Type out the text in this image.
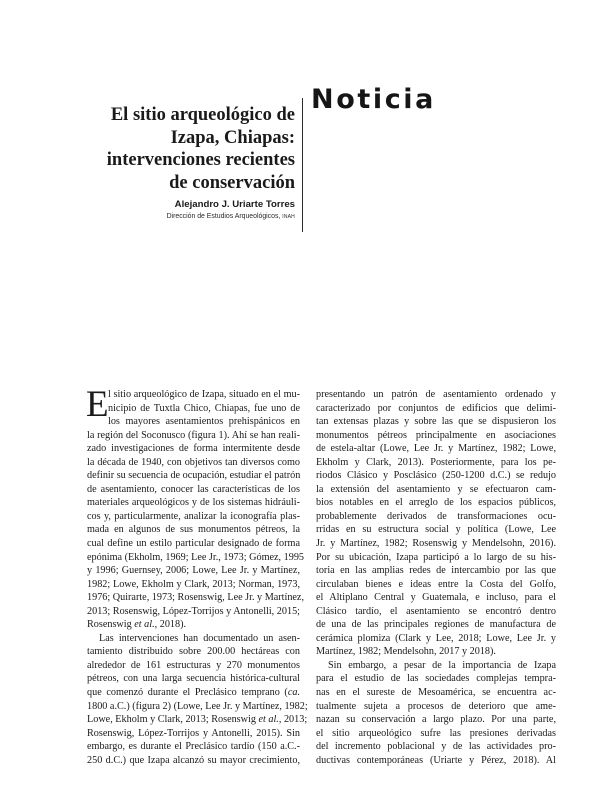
Noticia
El sitio arqueológico de
Izapa, Chiapas:
intervenciones recientes
de conservación

Alejandro J. Uriarte Torres

Dirección de Estudios Arqueológicos, INAH

E l sitio arqueológico de Izapa, situado en el mu-
nicipio de Tuxtla Chico, Chiapas, fue uno de
los mayores asentamientos prehispánicos en
la región del Soconusco (figura 1). Ahí se han reali-
zado investigaciones de forma intermitente desde
la década de 1940, con objetivos tan diversos como
definir su secuencia de ocupación, estudiar el patrón
de asentamiento, conocer las características de los
materiales arqueológicos y de los sistemas hidráuli-
cos y, particularmente, analizar la iconografía plas-
mada en algunos de sus monumentos pétreos, la
cual define un estilo particular designado de forma
epónima (Ekholm, 1969; Lee Jr., 1973; Gómez, 1995
y 1996; Guernsey, 2006; Lowe, Lee Jr. y Martínez,
1982; Lowe, Ekholm y Clark, 2013; Norman, 1973,
1976; Quirarte, 1973; Rosenswig, Lee Jr. y Martínez,
2013; Rosenswig, López-Torrijos y Antonelli, 2015;
Rosenswig et al., 2018).
Las intervenciones han documentado un asen-
tamiento distribuido sobre 200.00 hectáreas con
alrededor de 161 estructuras y 270 monumentos
pétreos, con una larga secuencia histórica-cultural
que comenzó durante el Preclásico temprano (ca.
1800 a.C.) (figura 2) (Lowe, Lee Jr. y Martínez, 1982;
Lowe, Ekholm y Clark, 2013; Rosenswig et al., 2013;
Rosenswig, López-Torrijos y Antonelli, 2015). Sin
embargo, es durante el Preclásico tardío (150 a.C.-
250 d.C.) que Izapa alcanzó su mayor crecimiento,
presentando un patrón de asentamiento ordenado y
caracterizado por conjuntos de edificios que delimi-
tan extensas plazas y sobre las que se dispusieron los
monumentos pétreos principalmente en asociaciones
de estela-altar (Lowe, Lee Jr. y Martínez, 1982; Lowe,
Ekholm y Clark, 2013). Posteriormente, para los pe-
riodos Clásico y Posclásico (250-1200 d.C.) se redujo
la extensión del asentamiento y se efectuaron cam-
bios notables en el arreglo de los espacios públicos,
probablemente derivados de transformaciones ocu-
rridas en su estructura social y política (Lowe, Lee
Jr. y Martínez, 1982; Rosenswig y Mendelsohn, 2016).
Por su ubicación, Izapa participó a lo largo de su his-
toria en las amplias redes de intercambio por las que
circulaban bienes e ideas entre la Costa del Golfo,
el Altiplano Central y Guatemala, e incluso, para el
Clásico tardío, el asentamiento se encontró dentro
de una de las principales regiones de manufactura de
cerámica plomiza (Clark y Lee, 2018; Lowe, Lee Jr. y
Martínez, 1982; Mendelsohn, 2017 y 2018).
Sin embargo, a pesar de la importancia de Izapa
para el estudio de las sociedades complejas tempra-
nas en el sureste de Mesoamérica, se encuentra ac-
tualmente sujeta a procesos de deterioro que ame-
nazan su conservación a largo plazo. Por una parte,
el sitio arqueológico sufre las presiones derivadas
del incremento poblacional y de las actividades pro-
ductivas contemporáneas (Uriarte y Pérez, 2018). Al
